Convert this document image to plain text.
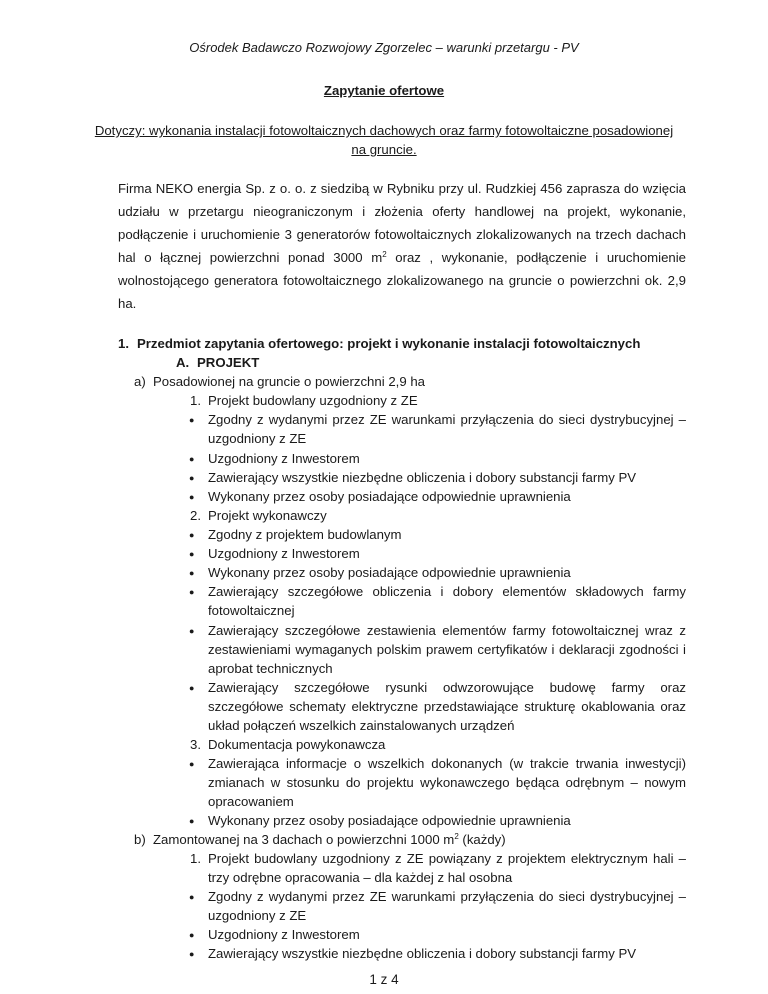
Ośrodek Badawczo Rozwojowy Zgorzelec – warunki przetargu - PV
Zapytanie ofertowe
Dotyczy: wykonania instalacji fotowoltaicznych dachowych oraz farmy fotowoltaiczne posadowionej
na gruncie.
Firma NEKO energia Sp. z o. o. z siedzibą w Rybniku przy ul. Rudzkiej 456 zaprasza do wzięcia
udziału w przetargu nieograniczonym i złożenia oferty handlowej na projekt, wykonanie,
podłączenie i uruchomienie 3 generatorów fotowoltaicznych zlokalizowanych na trzech dachach
hal o łącznej powierzchni ponad 3000 $m^2$ oraz , wykonanie, podłączenie i uruchomienie
wolnostojącego generatora fotowoltaicznego zlokalizowanego na gruncie o powierzchni ok. 2,9
ha.
1. Przedmiot zapytania ofertowego: projekt i wykonanie instalacji fotowoltaicznych
A. PROJEKT
a) Posadowionej na gruncie o powierzchni 2,9 ha
1. Projekt budowlany uzgodniony z ZE
● Zgodny z wydanymi przez ZE warunkami przyłączenia do sieci dystrybucyjnej –
uzgodniony z ZE
● Uzgodniony z Inwestorem
● Zawierający wszystkie niezbędne obliczenia i dobory substancji farmy PV
● Wykonany przez osoby posiadające odpowiednie uprawnienia
2. Projekt wykonawczy
● Zgodny z projektem budowlanym
● Uzgodniony z Inwestorem
● Wykonany przez osoby posiadające odpowiednie uprawnienia
● Zawierający szczegółowe obliczenia i dobory elementów składowych farmy
fotowoltaicznej
● Zawierający szczegółowe zestawienia elementów farmy fotowoltaicznej wraz z
zestawieniami wymaganych polskim prawem certyfikatów i deklaracji zgodności i
aprobat technicznych
● Zawierający szczegółowe rysunki odwzorowujące budowę farmy oraz
szczegółowe schematy elektryczne przedstawiające strukturę okablowania oraz
układ połączeń wszelkich zainstalowanych urządzeń
3. Dokumentacja powykonawcza
● Zawierająca informacje o wszelkich dokonanych (w trakcie trwania inwestycji)
zmianach w stosunku do projektu wykonawczego będąca odrębnym – nowym
opracowaniem
● Wykonany przez osoby posiadające odpowiednie uprawnienia
b) Zamontowanej na 3 dachach o powierzchni 1000 $m^2$ (każdy)
1. Projekt budowlany uzgodniony z ZE powiązany z projektem elektrycznym hali –
trzy odrębne opracowania – dla każdej z hal osobna
● Zgodny z wydanymi przez ZE warunkami przyłączenia do sieci dystrybucyjnej –
uzgodniony z ZE
● Uzgodniony z Inwestorem
● Zawierający wszystkie niezbędne obliczenia i dobory substancji farmy PV
1 z 4
